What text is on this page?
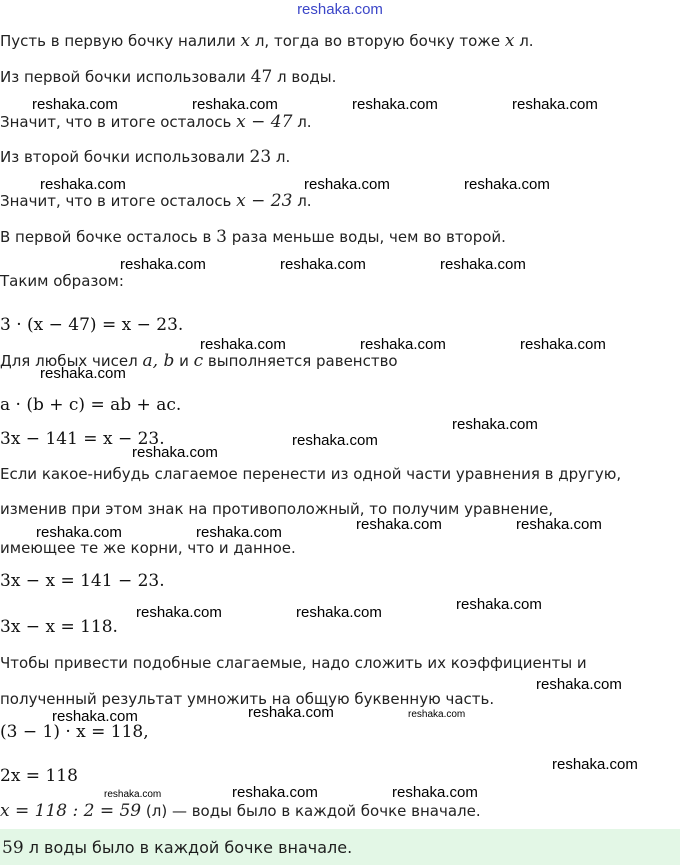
reshaka.com
Пусть в первую бочку налили x л, тогда во вторую бочку тоже x л.
Из первой бочки использовали 47 л воды.
Значит, что в итоге осталось x − 47 л.
Из второй бочки использовали 23 л.
Значит, что в итоге осталось x − 23 л.
В первой бочке осталось в 3 раза меньше воды, чем во второй.
Таким образом:
3 · (x − 47) = x − 23.
Для любых чисел a, b и c выполняется равенство
a · (b + c) = ab + ac.
3x − 141 = x − 23.
Если какое-нибудь слагаемое перенести из одной части уравнения в другую,
изменив при этом знак на противоположный, то получим уравнение,
имеющее те же корни, что и данное.
3x − x = 141 − 23.
3x − x = 118.
Чтобы привести подобные слагаемые, надо сложить их коэффициенты и
полученный результат умножить на общую буквенную часть.
(3 − 1) · x = 118,
2x = 118
x = 118 : 2 = 59 (л) — воды было в каждой бочке вначале.
59 л воды было в каждой бочке вначале.
reshaka.com	reshaka.com	reshaka.com	reshaka.com
reshaka.com	reshaka.com	reshaka.com
reshaka.com	reshaka.com	reshaka.com
reshaka.com	reshaka.com	reshaka.com
reshaka.com
reshaka.com
reshaka.com
reshaka.com
reshaka.com	reshaka.com
reshaka.com	reshaka.com
reshaka.com
reshaka.com	reshaka.com
reshaka.com
reshaka.com	reshaka.com
reshaka.com
reshaka.com
reshaka.com	reshaka.com	reshaka.com
